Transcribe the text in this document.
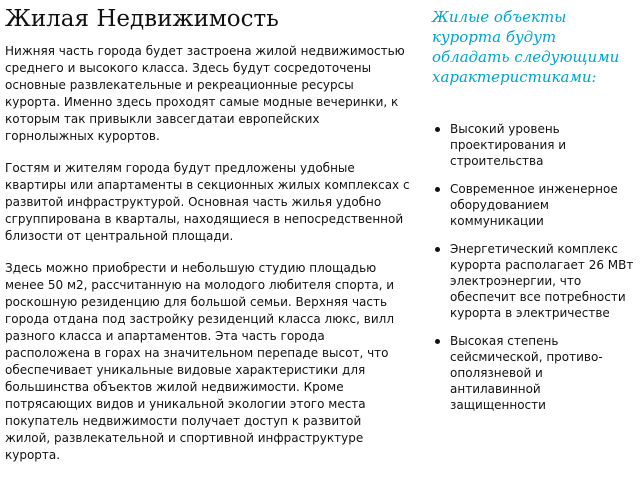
Жилая Недвижимость

Нижняя часть города будет застроена жилой недвижимостью среднего и высокого класса. Здесь будут сосредоточены основные развлекательные и рекреационные ресурсы курорта. Именно здесь проходят самые модные вечеринки, к которым так привыкли завсегдатаи европейских горнолыжных курортов.

Гостям и жителям города будут предложены удобные квартиры или апартаменты в секционных жилых комплексах с развитой инфраструктурой. Основная часть жилья удобно сгруппирована в кварталы, находящиеся в непосредственной близости от центральной площади.

Здесь можно приобрести и небольшую студию площадью менее 50 м2, рассчитанную на молодого любителя спорта, и роскошную резиденцию для большой семьи. Верхняя часть города отдана под застройку резиденций класса люкс, вилл разного класса и апартаментов. Эта часть города расположена в горах на значительном перепаде высот, что обеспечивает уникальные видовые характеристики для большинства объектов жилой недвижимости. Кроме потрясающих видов и уникальной экологии этого места покупатель недвижимости получает доступ к развитой жилой, развлекательной и спортивной инфраструктуре курорта.

Жилые объекты курорта будут обладать следующими характеристиками:
Высокий уровень проектирования и строительства
Современное инженерное оборудованием коммуникации
Энергетический комплекс курорта располагает 26 МВт электроэнергии, что обеспечит все потребности курорта в электричестве
Высокая степень сейсмической, противо-ополязневой и антилавинной защищенности
